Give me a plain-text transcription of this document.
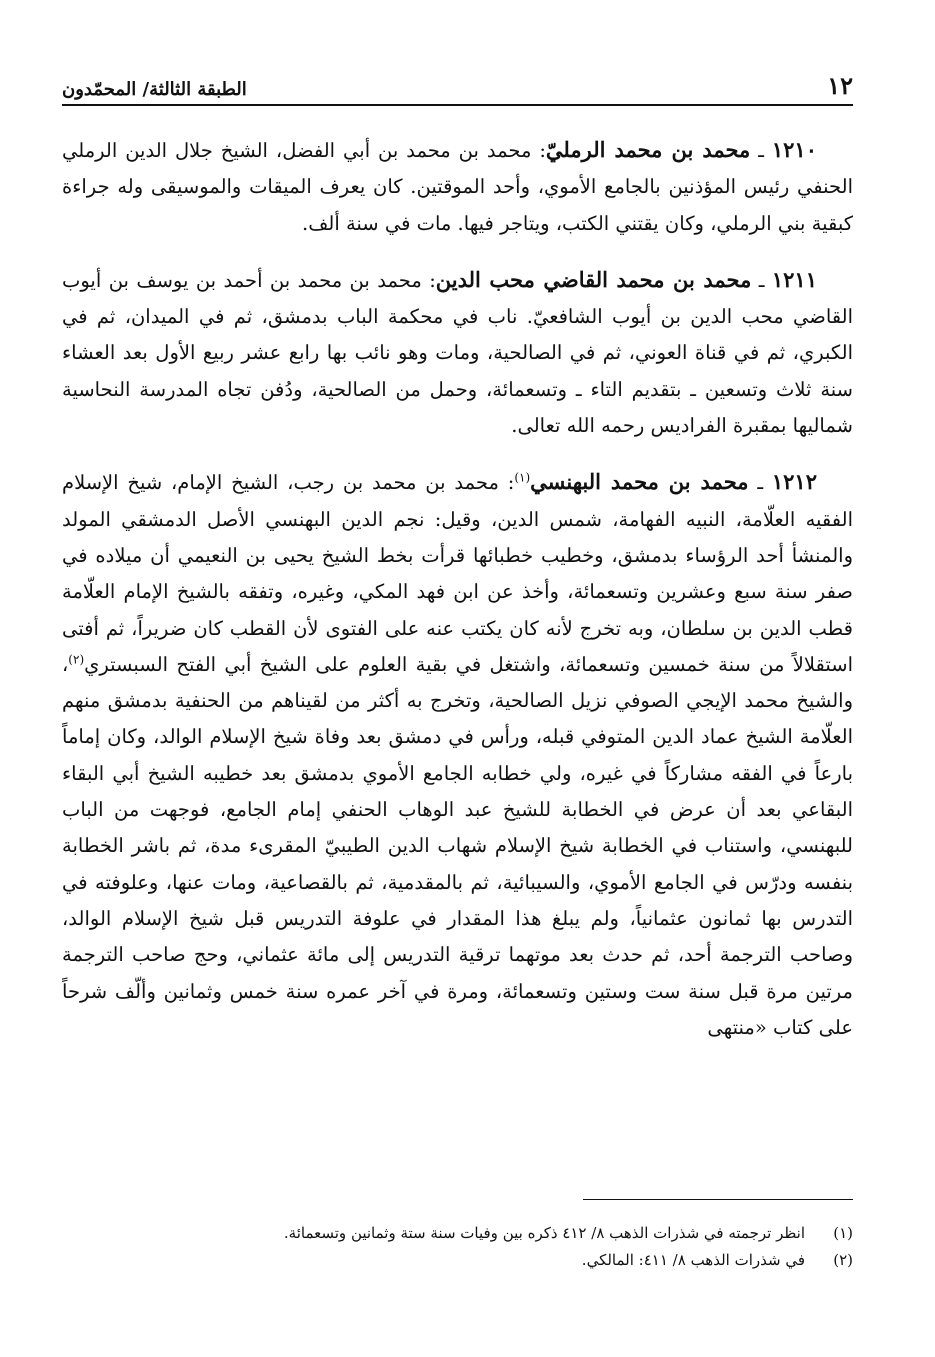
١٢
الطبقة الثالثة/ المحمّدون

١٢١٠ ـ محمد بن محمد الرمليّ: محمد بن محمد بن أبي الفضل، الشيخ جلال الدين الرملي الحنفي رئيس المؤذنين بالجامع الأموي، وأحد الموقتين. كان يعرف الميقات والموسيقى وله جراءة كبقية بني الرملي، وكان يقتني الكتب، ويتاجر فيها. مات في سنة ألف.

١٢١١ ـ محمد بن محمد القاضي محب الدين: محمد بن محمد بن أحمد بن يوسف بن أيوب القاضي محب الدين بن أيوب الشافعيّ. ناب في محكمة الباب بدمشق، ثم في الميدان، ثم في الكبري، ثم في قناة العوني، ثم في الصالحية، ومات وهو نائب بها رابع عشر ربيع الأول بعد العشاء سنة ثلاث وتسعين ـ بتقديم التاء ـ وتسعمائة، وحمل من الصالحية، ودُفن تجاه المدرسة النحاسية شماليها بمقبرة الفراديس رحمه الله تعالى.

١٢١٢ ـ محمد بن محمد البهنسي$^{(١)}$: محمد بن محمد بن رجب، الشيخ الإمام، شيخ الإسلام الفقيه العلّامة، النبيه الفهامة، شمس الدين، وقيل: نجم الدين البهنسي الأصل الدمشقي المولد والمنشأ أحد الرؤساء بدمشق، وخطيب خطبائها قرأت بخط الشيخ يحيى بن النعيمي أن ميلاده في صفر سنة سبع وعشرين وتسعمائة، وأخذ عن ابن فهد المكي، وغيره، وتفقه بالشيخ الإمام العلّامة قطب الدين بن سلطان، وبه تخرج لأنه كان يكتب عنه على الفتوى لأن القطب كان ضريراً، ثم أفتى استقلالاً من سنة خمسين وتسعمائة، واشتغل في بقية العلوم على الشيخ أبي الفتح السبستري$^{(٢)}$، والشيخ محمد الإيجي الصوفي نزيل الصالحية، وتخرج به أكثر من لقيناهم من الحنفية بدمشق منهم العلّامة الشيخ عماد الدين المتوفي قبله، ورأس في دمشق بعد وفاة شيخ الإسلام الوالد، وكان إماماً بارعاً في الفقه مشاركاً في غيره، ولي خطابه الجامع الأموي بدمشق بعد خطيبه الشيخ أبي البقاء البقاعي بعد أن عرض في الخطابة للشيخ عبد الوهاب الحنفي إمام الجامع، فوجهت من الباب للبهنسي، واستناب في الخطابة شيخ الإسلام شهاب الدين الطيبيّ المقرىء مدة، ثم باشر الخطابة بنفسه ودرّس في الجامع الأموي، والسيبائية، ثم بالمقدمية، ثم بالقصاعية، ومات عنها، وعلوفته في التدرس بها ثمانون عثمانياً، ولم يبلغ هذا المقدار في علوفة التدريس قبل شيخ الإسلام الوالد، وصاحب الترجمة أحد، ثم حدث بعد موتهما ترقية التدريس إلى مائة عثماني، وحج صاحب الترجمة مرتين مرة قبل سنة ست وستين وتسعمائة، ومرة في آخر عمره سنة خمس وثمانين وألّف شرحاً على كتاب «منتهى

(١)
انظر ترجمته في شذرات الذهب ٨/ ٤١٢ ذكره بين وفيات سنة ستة وثمانين وتسعمائة.
(٢)
في شذرات الذهب ٨/ ٤١١: المالكي.
